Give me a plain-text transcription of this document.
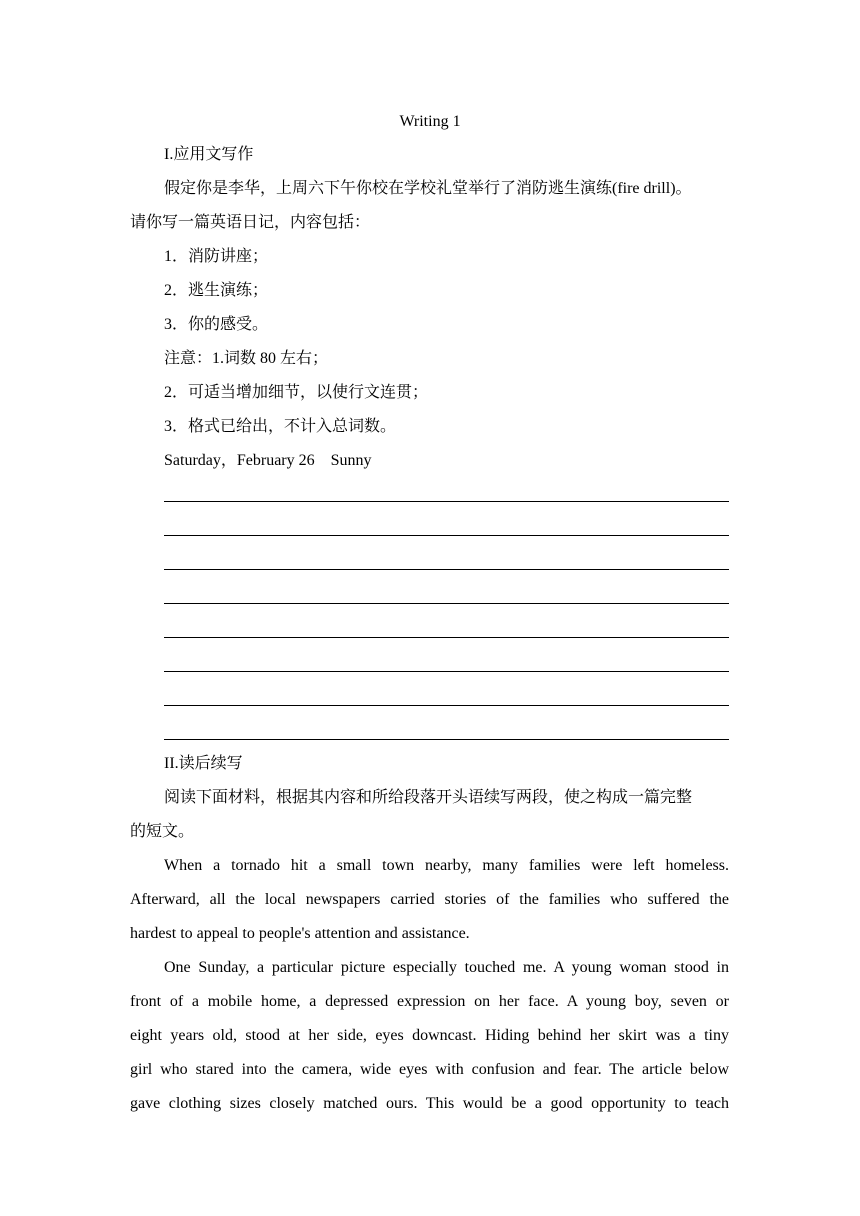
Writing 1
I.应用文写作
假定你是李华，上周六下午你校在学校礼堂举行了消防逃生演练(fire drill)。
请你写一篇英语日记，内容包括：
1．消防讲座；
2．逃生演练；
3．你的感受。
注意：1.词数 80 左右；
2．可适当增加细节，以使行文连贯；
3．格式已给出，不计入总词数。
Saturday，February 26　Sunny
II.读后续写
阅读下面材料，根据其内容和所给段落开头语续写两段，使之构成一篇完整
的短文。
When a tornado hit a small town nearby, many families were left homeless.
Afterward, all the local newspapers carried stories of the families who suffered the
hardest to appeal to people's attention and assistance.
One Sunday, a particular picture especially touched me. A young woman stood in
front of a mobile home, a depressed expression on her face. A young boy, seven or
eight years old, stood at her side, eyes downcast. Hiding behind her skirt was a tiny
girl who stared into the camera, wide eyes with confusion and fear. The article below
gave clothing sizes closely matched ours. This would be a good opportunity to teach
